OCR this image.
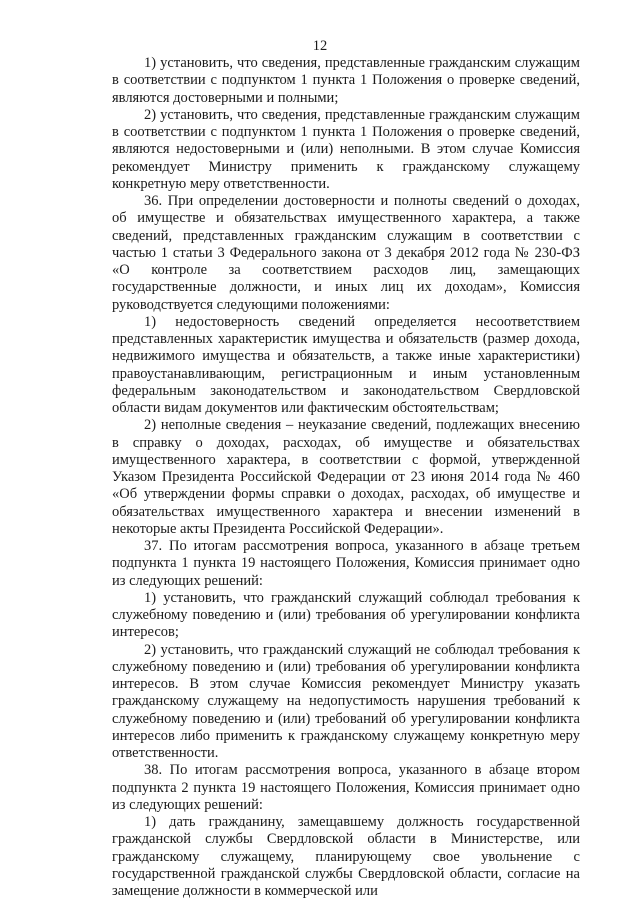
12

1) установить, что сведения, представленные гражданским служащим в соответствии с подпунктом 1 пункта 1 Положения о проверке сведений, являются достоверными и полными;

2) установить, что сведения, представленные гражданским служащим в соответствии с подпунктом 1 пункта 1 Положения о проверке сведений, являются недостоверными и (или) неполными. В этом случае Комиссия рекомендует Министру применить к гражданскому служащему конкретную меру ответственности.

36. При определении достоверности и полноты сведений о доходах, об имуществе и обязательствах имущественного характера, а также сведений, представленных гражданским служащим в соответствии с частью 1 статьи 3 Федерального закона от 3 декабря 2012 года № 230-ФЗ «О контроле за соответствием расходов лиц, замещающих государственные должности, и иных лиц их доходам», Комиссия руководствуется следующими положениями:

1) недостоверность сведений определяется несоответствием представленных характеристик имущества и обязательств (размер дохода, недвижимого имущества и обязательств, а также иные характеристики) правоустанавливающим, регистрационным и иным установленным федеральным законодательством и законодательством Свердловской области видам документов или фактическим обстоятельствам;

2) неполные сведения – неуказание сведений, подлежащих внесению в справку о доходах, расходах, об имуществе и обязательствах имущественного характера, в соответствии с формой, утвержденной Указом Президента Российской Федерации от 23 июня 2014 года № 460 «Об утверждении формы справки о доходах, расходах, об имуществе и обязательствах имущественного характера и внесении изменений в некоторые акты Президента Российской Федерации».

37. По итогам рассмотрения вопроса, указанного в абзаце третьем подпункта 1 пункта 19 настоящего Положения, Комиссия принимает одно из следующих решений:

1) установить, что гражданский служащий соблюдал требования к служебному поведению и (или) требования об урегулировании конфликта интересов;

2) установить, что гражданский служащий не соблюдал требования к служебному поведению и (или) требования об урегулировании конфликта интересов. В этом случае Комиссия рекомендует Министру указать гражданскому служащему на недопустимость нарушения требований к служебному поведению и (или) требований об урегулировании конфликта интересов либо применить к гражданскому служащему конкретную меру ответственности.

38. По итогам рассмотрения вопроса, указанного в абзаце втором подпункта 2 пункта 19 настоящего Положения, Комиссия принимает одно из следующих решений:

1) дать гражданину, замещавшему должность государственной гражданской службы Свердловской области в Министерстве, или гражданскому служащему, планирующему свое увольнение с государственной гражданской службы Свердловской области, согласие на замещение должности в коммерческой или
